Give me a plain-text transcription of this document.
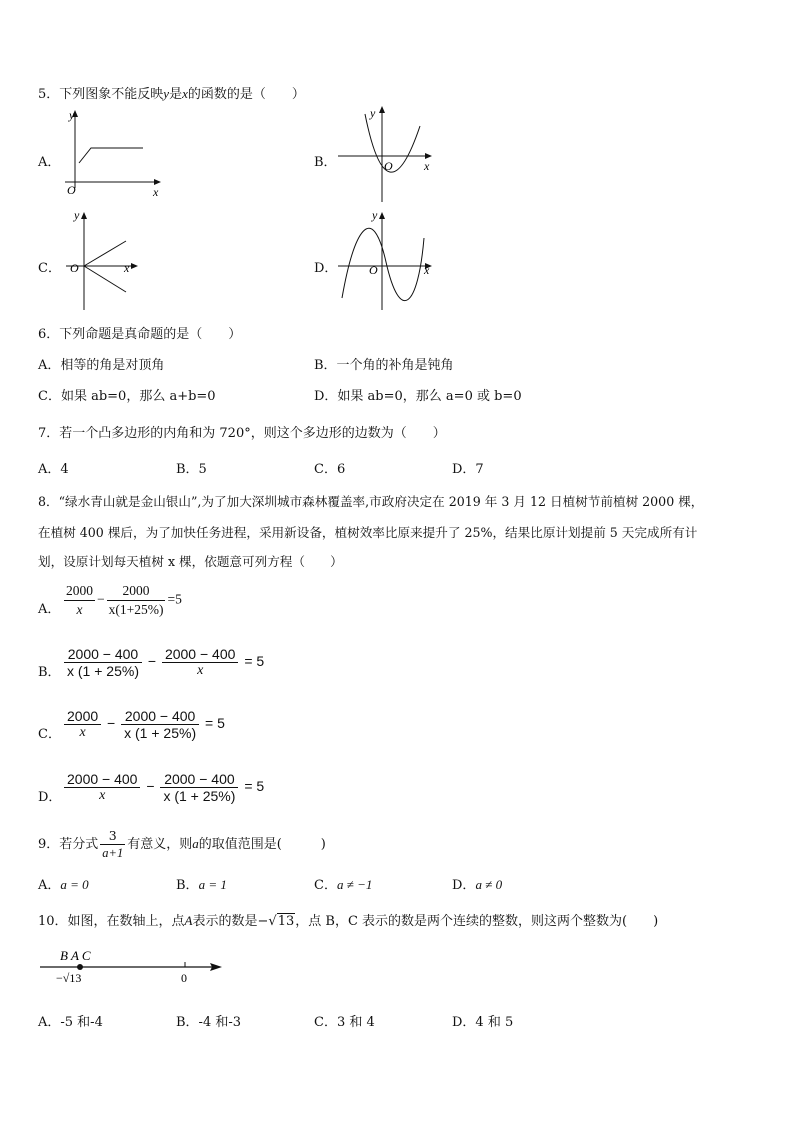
5．下列图象不能反映y是x的函数的是（　　）
A．
y
O	x
B．
y
O	x
C．
y
O	x	D．
y
O	x
6．下列命题是真命题的是（　　）
A．相等的角是对顶角	B．一个角的补角是钝角
C．如果 ab=0，那么 a+b=0	D．如果 ab=0，那么 a=0 或 b=0
7．若一个凸多边形的内角和为 720°，则这个多边形的边数为（　　）
A．4	B．5	C．6	D．7
8．“绿水青山就是金山银山”,为了加大深圳城市森林覆盖率,市政府决定在 2019 年 3 月 12 日植树节前植树 2000 棵，
在植树 400 棵后，为了加快任务进程，采用新设备，植树效率比原来提升了 25%，结果比原计划提前 5 天完成所有计
划，设原计划每天植树 x 棵，依题意可列方程（　　）
A． $\frac{2000}{x} - \frac{2000}{x(1+25\%)} =5$
B． $\frac{2000 - 400}{x (1 + 25\%)} - \frac{2000 - 400}{x} = 5$
C． $\frac{2000}{x} - \frac{2000 - 400}{x (1 + 25\%)} = 5$
D． $\frac{2000 - 400}{x} - \frac{2000 - 400}{x (1 + 25\%)} = 5$
9．若分式 $\frac{3}{a+1}$ 有意义，则a的取值范围是(　　　)
A．a = 0	B．a = 1	C．a ≠ −1	D．a ≠ 0
10．如图，在数轴上，点A表示的数是−√13，点 B，C 表示的数是两个连续的整数，则这两个整数为(　　)
B A C
−√13	0
A．-5 和-4	B．-4 和-3	C．3 和 4	D．4 和 5
